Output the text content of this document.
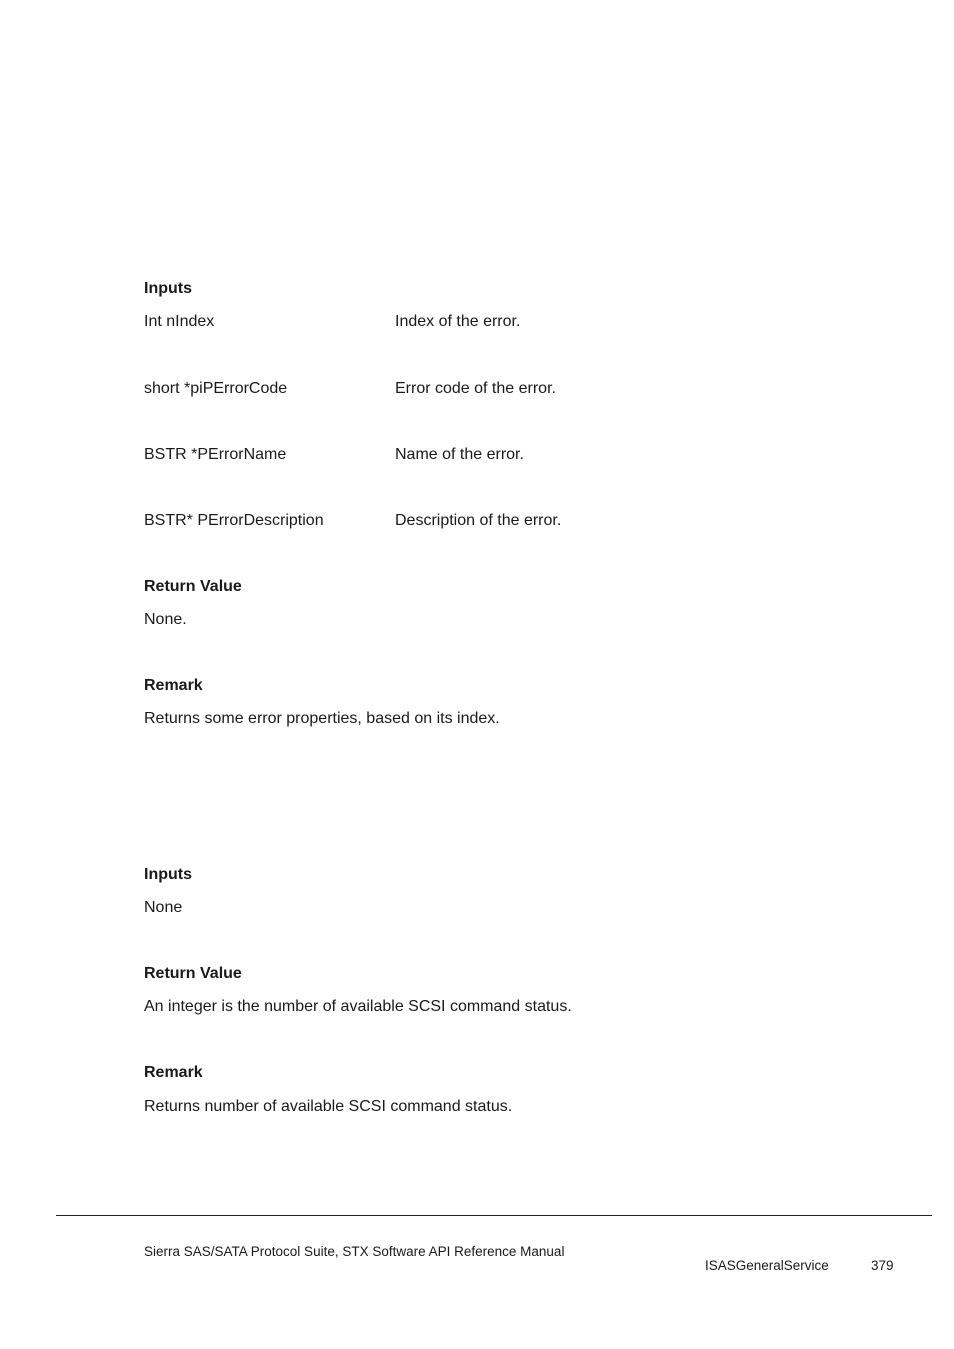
Inputs
Int nIndex	Index of the error.
short *piPErrorCode	Error code of the error.
BSTR *PErrorName	Name of the error.
BSTR* PErrorDescription	Description of the error.
Return Value
None.
Remark
Returns some error properties, based on its index.
Inputs
None
Return Value
An integer is the number of available SCSI command status.
Remark
Returns number of available SCSI command status.
Sierra SAS/SATA Protocol Suite, STX Software API Reference Manual
ISASGeneralService	379
